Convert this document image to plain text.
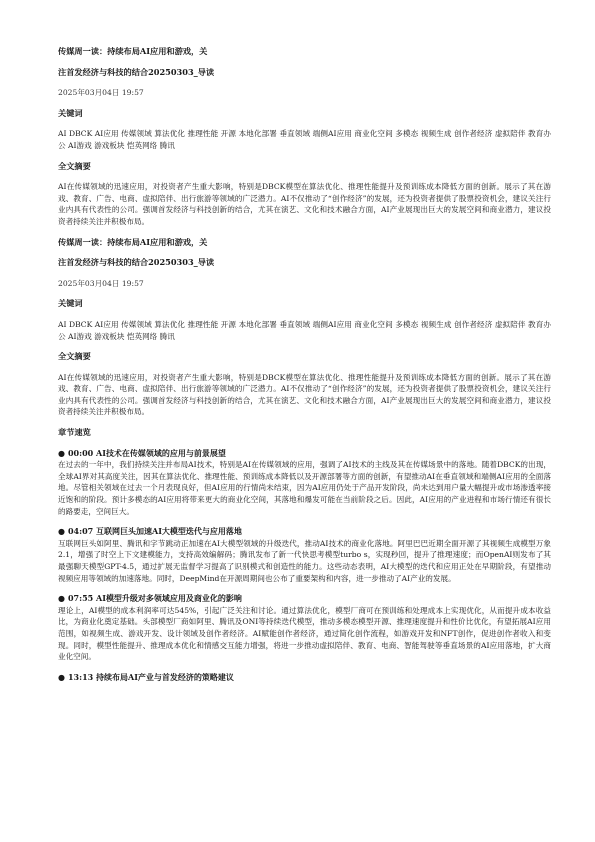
传媒周一读：持续布局AI应用和游戏，关

注首发经济与科技的结合20250303_导读

2025年03月04日 19:57

关键词

AI DBCK AI应用 传媒领域 算法优化 推理性能 开源 本地化部署 垂直领域 端侧AI应用 商业化空间 多模态 视频生成 创作者经济 虚拟陪伴 教育办公 AI游戏 游戏板块 恺英网络 腾讯

全文摘要

AI在传媒领域的迅速应用，对投资者产生重大影响，特别是DBCK模型在算法优化、推理性能提升及预训练成本降低方面的创新。展示了其在游戏、教育、广告、电商、虚拟陪伴、出行旅游等领域的广泛潜力。AI不仅推动了“创作经济”的发展，还为投资者提供了股票投资机会，建议关注行业内具有代表性的公司。强调首发经济与科技创新的结合，尤其在演艺、文化和技术融合方面，AI产业展现出巨大的发展空间和商业潜力，建议投资者持续关注并积极布局。

传媒周一读：持续布局AI应用和游戏，关

注首发经济与科技的结合20250303_导读

2025年03月04日 19:57

关键词

AI DBCK AI应用 传媒领域 算法优化 推理性能 开源 本地化部署 垂直领域 端侧AI应用 商业化空间 多模态 视频生成 创作者经济 虚拟陪伴 教育办公 AI游戏 游戏板块 恺英网络 腾讯

全文摘要

AI在传媒领域的迅速应用，对投资者产生重大影响，特别是DBCK模型在算法优化、推理性能提升及预训练成本降低方面的创新。展示了其在游戏、教育、广告、电商、虚拟陪伴、出行旅游等领域的广泛潜力。AI不仅推动了“创作经济”的发展，还为投资者提供了股票投资机会，建议关注行业内具有代表性的公司。强调首发经济与科技创新的结合，尤其在演艺、文化和技术融合方面，AI产业展现出巨大的发展空间和商业潜力，建议投资者持续关注并积极布局。

章节速览

● 00:00 AI技术在传媒领域的应用与前景展望

在过去的一年中，我们持续关注并布局AI技术，特别是AI在传媒领域的应用，强调了AI技术的主线及其在传媒场景中的落地。随着DBCK的出现，全球AI界对其高度关注，因其在算法优化、推理性能、预训练成本降低以及开源部署等方面的创新，有望推动AI在垂直领域和端侧AI应用的全面落地。尽管相关领域在过去一个月表现良好，但AI应用的行情尚未结束，因为AI应用仍处于产品开发阶段，尚未达到用户量大幅提升或市场渗透率接近饱和的阶段。预计多模态的AI应用将带来更大的商业化空间，其落地和爆发可能在当前阶段之后。因此，AI应用的产业进程和市场行情还有很长的路要走，空间巨大。

● 04:07 互联网巨头加速AI大模型迭代与应用落地

互联网巨头如阿里、腾讯和字节跳动正加速在AI大模型领域的升级迭代，推动AI技术的商业化落地。阿里巴巴近期全面开源了其视频生成模型万象2.1，增强了时空上下文建模能力，支持高效编解码；腾讯发布了新一代快思考模型turbo s，实现秒回，提升了推理速度；而OpenAI则发布了其最强聊天模型GPT-4.5，通过扩展无监督学习提高了识别模式和创造性的能力。这些动态表明，AI大模型的迭代和应用正处在早期阶段，有望推动视频应用等领域的加速落地。同时，DeepMind在开源周期间也公布了重要架构和内容，进一步推动了AI产业的发展。

● 07:55 AI模型升级对多领域应用及商业化的影响

理论上，AI模型的成本利润率可达545%，引起广泛关注和讨论。通过算法优化，模型厂商可在预训练和处理成本上实现优化，从而提升成本收益比，为商业化奠定基础。头部模型厂商如阿里、腾讯及ONI等持续迭代模型，推动多模态模型开源、推理速度提升和性价比优化，有望拓展AI应用范围，如视频生成、游戏开发、设计领域及创作者经济。AI赋能创作者经济，通过简化创作流程，如游戏开发和NFT创作，促进创作者收入和变现。同时，模型性能提升、推理成本优化和情感交互能力增强，将进一步推动虚拟陪伴、教育、电商、智能驾驶等垂直场景的AI应用落地，扩大商业化空间。

● 13:13 持续布局AI产业与首发经济的策略建议
